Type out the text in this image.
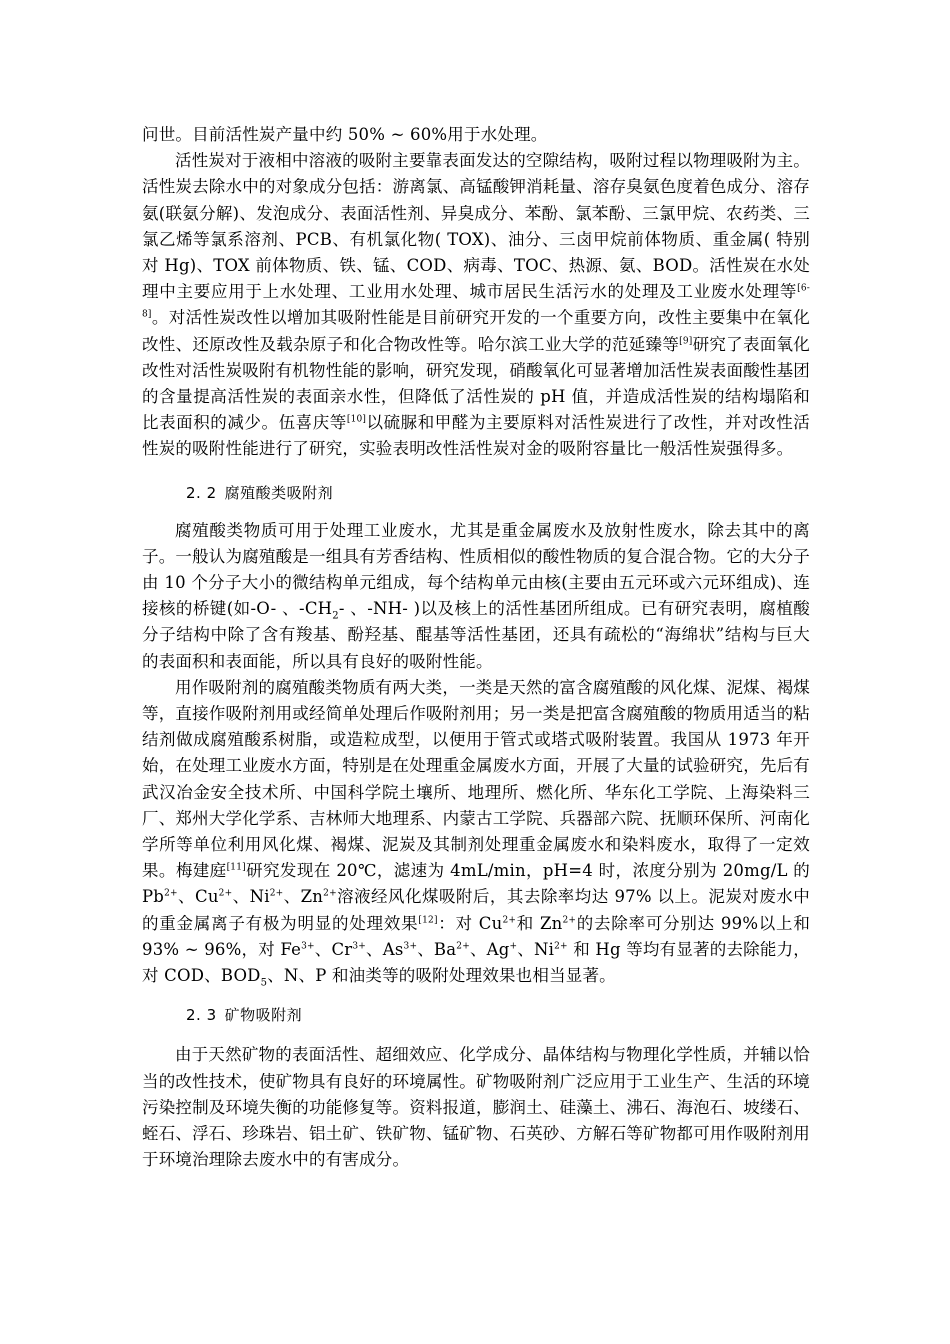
问世。目前活性炭产量中约 50% ~ 60%用于水处理。

活性炭对于液相中溶液的吸附主要靠表面发达的空隙结构，吸附过程以物理吸附为主。活性炭去除水中的对象成分包括：游离氯、高锰酸钾消耗量、溶存臭氨色度着色成分、溶存氨(联氨分解)、发泡成分、表面活性剂、异臭成分、苯酚、氯苯酚、三氯甲烷、农药类、三氯乙烯等氯系溶剂、PCB、有机氯化物( TOX)、油分、三卤甲烷前体物质、重金属( 特别对 Hg)、TOX 前体物质、铁、锰、COD、病毒、TOC、热源、氨、BOD。活性炭在水处理中主要应用于上水处理、工业用水处理、城市居民生活污水的处理及工业废水处理等[6-8]。对活性炭改性以增加其吸附性能是目前研究开发的一个重要方向，改性主要集中在氧化改性、还原改性及载杂原子和化合物改性等。哈尔滨工业大学的范延臻等[9]研究了表面氧化改性对活性炭吸附有机物性能的影响，研究发现，硝酸氧化可显著增加活性炭表面酸性基团的含量提高活性炭的表面亲水性，但降低了活性炭的 pH 值，并造成活性炭的结构塌陷和比表面积的减少。伍喜庆等[10]以硫脲和甲醛为主要原料对活性炭进行了改性，并对改性活性炭的吸附性能进行了研究，实验表明改性活性炭对金的吸附容量比一般活性炭强得多。

2. 2 腐殖酸类吸附剂

腐殖酸类物质可用于处理工业废水，尤其是重金属废水及放射性废水，除去其中的离子。一般认为腐殖酸是一组具有芳香结构、性质相似的酸性物质的复合混合物。它的大分子由 10 个分子大小的微结构单元组成，每个结构单元由核(主要由五元环或六元环组成)、连接核的桥键(如-O- 、$-CH_2-$ 、-NH- )以及核上的活性基团所组成。已有研究表明，腐植酸分子结构中除了含有羧基、酚羟基、醌基等活性基团，还具有疏松的“海绵状”结构与巨大的表面积和表面能，所以具有良好的吸附性能。

用作吸附剂的腐殖酸类物质有两大类，一类是天然的富含腐殖酸的风化煤、泥煤、褐煤等，直接作吸附剂用或经简单处理后作吸附剂用；另一类是把富含腐殖酸的物质用适当的粘结剂做成腐殖酸系树脂，或造粒成型，以便用于管式或塔式吸附装置。我国从 1973 年开始，在处理工业废水方面，特别是在处理重金属废水方面，开展了大量的试验研究，先后有武汉冶金安全技术所、中国科学院土壤所、地理所、燃化所、华东化工学院、上海染料三厂、郑州大学化学系、吉林师大地理系、内蒙古工学院、兵器部六院、抚顺环保所、河南化学所等单位利用风化煤、褐煤、泥炭及其制剂处理重金属废水和染料废水，取得了一定效果。梅建庭[11]研究发现在 20℃，滤速为 4mL/min，pH=4 时，浓度分别为 20mg/L 的 $Pb^{2+}$、$Cu^{2+}$、$Ni^{2+}$、$Zn^{2+}$溶液经风化煤吸附后，其去除率均达 97% 以上。泥炭对废水中的重金属离子有极为明显的处理效果[12]：对 $Cu^{2+}$和 $Zn^{2+}$的去除率可分别达 99%以上和 93% ~ 96%，对 $Fe^{3+}$、$Cr^{3+}$、$As^{3+}$、$Ba^{2+}$、Ag+、$Ni^{2+}$ 和 Hg 等均有显著的去除能力，对 COD、$BOD_5$、N、P 和油类等的吸附处理效果也相当显著。

2. 3 矿物吸附剂

由于天然矿物的表面活性、超细效应、化学成分、晶体结构与物理化学性质，并辅以恰当的改性技术，使矿物具有良好的环境属性。矿物吸附剂广泛应用于工业生产、生活的环境污染控制及环境失衡的功能修复等。资料报道，膨润土、硅藻土、沸石、海泡石、坡缕石、蛭石、浮石、珍珠岩、铝土矿、铁矿物、锰矿物、石英砂、方解石等矿物都可用作吸附剂用于环境治理除去废水中的有害成分。
